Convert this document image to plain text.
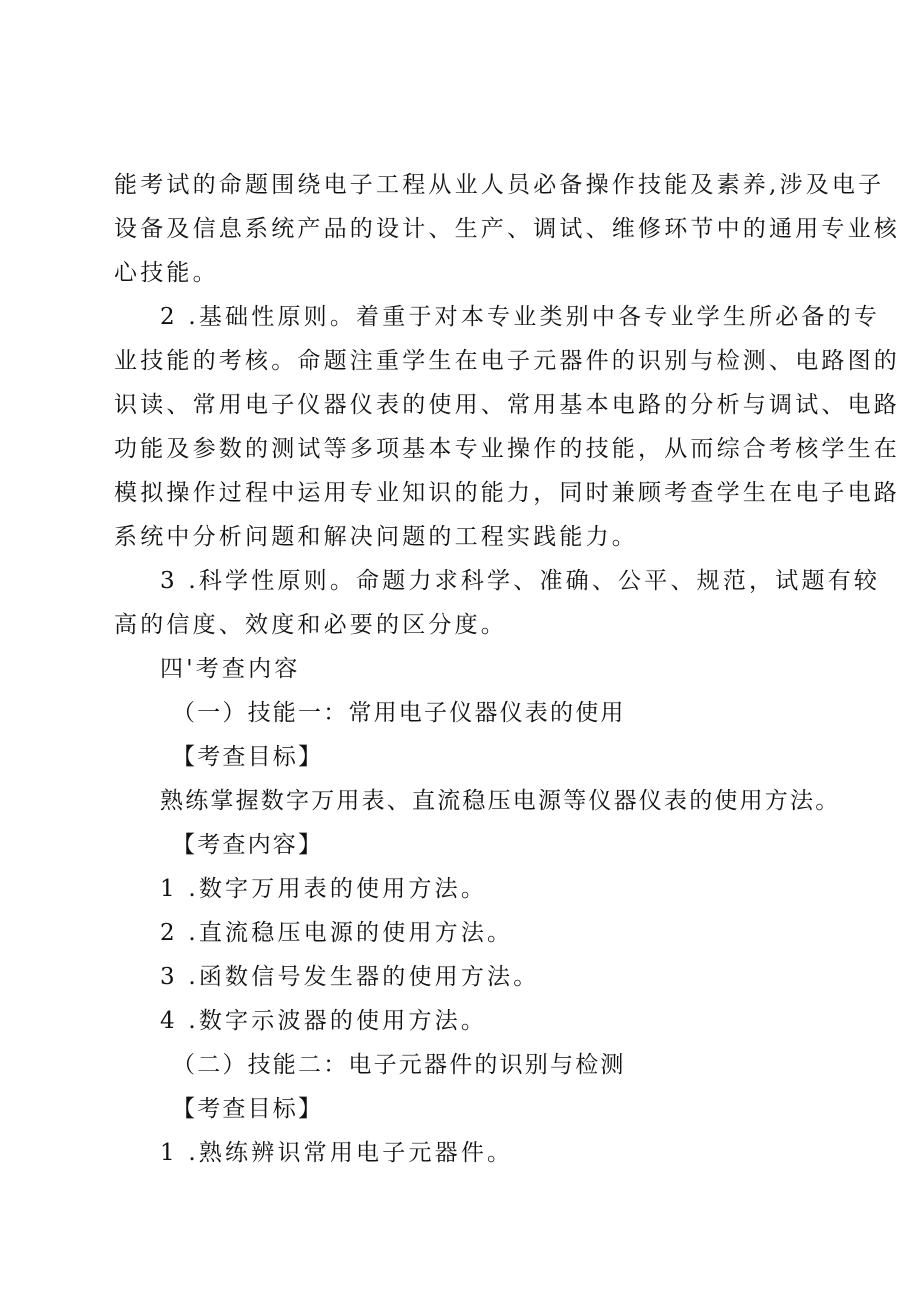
能考试的命题围绕电子工程从业人员必备操作技能及素养,涉及电子
设备及信息系统产品的设计、生产、调试、维修环节中的通用专业核
心技能。
2 .基础性原则。着重于对本专业类别中各专业学生所必备的专
业技能的考核。命题注重学生在电子元器件的识别与检测、电路图的
识读、常用电子仪器仪表的使用、常用基本电路的分析与调试、电路
功能及参数的测试等多项基本专业操作的技能，从而综合考核学生在
模拟操作过程中运用专业知识的能力，同时兼顾考查学生在电子电路
系统中分析问题和解决问题的工程实践能力。
3 .科学性原则。命题力求科学、准确、公平、规范，试题有较
高的信度、效度和必要的区分度。
四'考查内容
（一）技能一：常用电子仪器仪表的使用
【考查目标】
熟练掌握数字万用表、直流稳压电源等仪器仪表的使用方法。
【考查内容】
1 .数字万用表的使用方法。
2 .直流稳压电源的使用方法。
3 .函数信号发生器的使用方法。
4 .数字示波器的使用方法。
（二）技能二：电子元器件的识别与检测
【考查目标】
1 .熟练辨识常用电子元器件。
